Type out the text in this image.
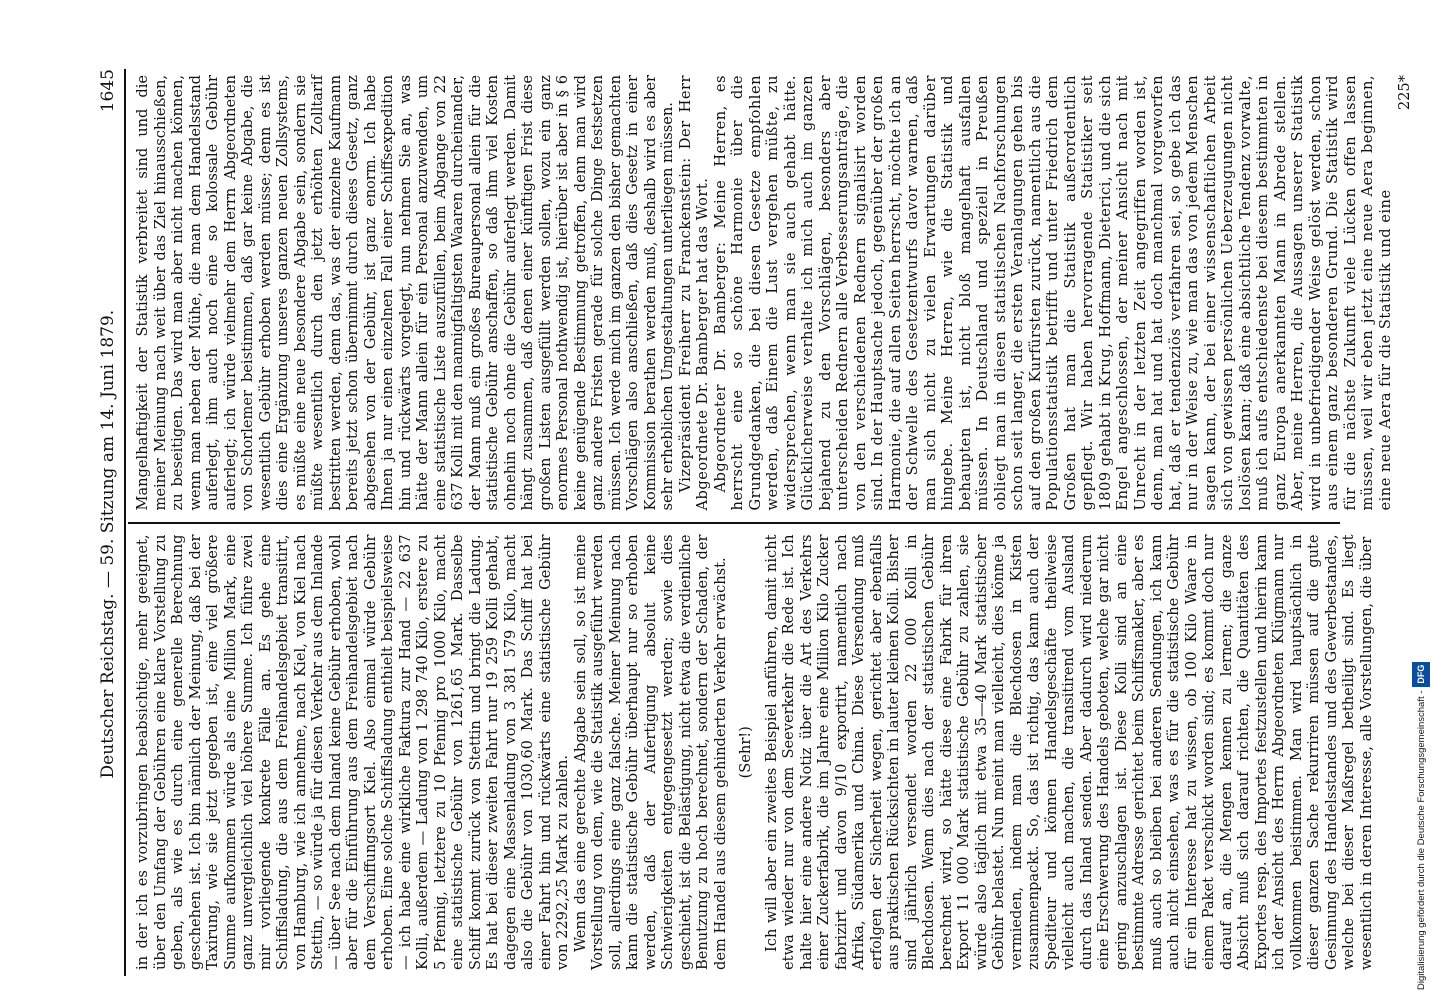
Deutscher Reichstag. — 59. Sitzung am 14. Juni 1879.
1645

in der ich es vorzubringen beabsichtige, mehr geeignet, über den Umfang der Gebühren eine klare Vorstellung zu geben, als wie es durch eine generelle Berechnung geschehen ist. Ich bin nämlich der Meinung, daß bei der Taxirung, wie sie jetzt gegeben ist, eine viel größere Summe aufkommen würde als eine Million Mark, eine ganz unvergleichlich viel höhere Summe. Ich führe zwei mir vorliegende konkrete Fälle an. Es gehe eine Schiffsladung, die aus dem Freihandelsgebiet transitirt, von Hamburg, wie ich annehme, nach Kiel, von Kiel nach Stettin, — so würde ja für diesen Verkehr aus dem Inlande — über See nach dem Inland keine Gebühr erhoben, wohl aber für die Einführung aus dem Freihandelsgebiet nach dem Verschiffungsort Kiel. Also einmal würde Gebühr erhoben. Eine solche Schiffsladung enthielt beispielsweise — ich habe eine wirkliche Faktura zur Hand — 22 637 Kolli, außerdem — Ladung von 1 298 740 Kilo, erstere zu 5 Pfennig, letztere zu 10 Pfennig pro 1000 Kilo, macht eine statistische Gebühr von 1261,65 Mark. Dasselbe Schiff kommt zurück von Stettin und bringt die Ladung. Es hat bei dieser zweiten Fahrt nur 19 259 Kolli gehabt, dagegen eine Massenladung von 3 381 579 Kilo, macht also die Gebühr von 1030,60 Mark. Das Schiff hat bei einer Fahrt hin und rückwärts eine statistische Gebühr von 2292,25 Mark zu zahlen. Wenn das eine gerechte Abgabe sein soll, so ist meine Vorstellung von dem, wie die Statistik ausgeführt werden soll, allerdings eine ganz falsche. Meiner Meinung nach kann die statistische Gebühr überhaupt nur so erhoben werden, daß der Aufertigung absolut keine Schwierigkeiten entgegengesetzt werden; sowie dies geschieht, ist die Belästigung, nicht etwa die verdienliche Benutzung zu hoch berechnet, sondern der Schaden, der dem Handel aus diesem gehinderten Verkehr erwächst. (Sehr!) Ich will aber ein zweites Beispiel anführen, damit nicht etwa wieder nur von dem Seeverkehr die Rede ist. Ich halte hier eine andere Notiz über die Art des Verkehrs einer Zuckerfabrik, die im Jahre eine Million Kilo Zucker fabrizirt und davon 9/10 exportirt, namentlich nach Afrika, Südamerika und China. Diese Versendung muß erfolgen der Sicherheit wegen, gerichtet aber ebenfalls aus praktischen Rücksichten in lauter kleinen Kolli. Bisher sind jährlich versendet worden 22 000 Kolli in Blechdosen. Wenn dies nach der statistischen Gebühr berechnet wird, so hätte diese eine Fabrik für ihren Export 11 000 Mark statistische Gebühr zu zahlen, sie würde also täglich mit etwa 35—40 Mark statistischer Gebühr belastet. Nun meint man vielleicht, dies könne ja vermieden, indem man die Blechdosen in Kisten zusammenpackt. So, das ist richtig, das kann auch der Spediteur und können Handelsgeschäfte theilweise vielleicht auch machen, die transitirend vom Ausland durch das Inland senden. Aber dadurch wird niederum eine Erschwerung des Handels geboten, welche gar nicht gering anzuschlagen ist. Diese Kolli sind an eine bestimmte Adresse gerichtet beim Schiffsmakler, aber es muß auch so bleiben bei anderen Sendungen, ich kann auch nicht einsehen, was es für die statistische Gebühr für ein Interesse hat zu wissen, ob 100 Kilo Waare in einem Paket verschickt worden sind; es kommt doch nur darauf an, die Mengen kennen zu lernen; die ganze Absicht muß sich darauf richten, die Quantitäten des Exportes resp. des Importes festzustellen und hierin kann ich der Ansicht des Herrn Abgeordneten Klügmann nur vollkommen beistimmen. Man wird hauptsächlich in dieser ganzen Sache rekurriren müssen auf die gute Gesinnung des Handelsstandes und des Gewerbestandes, welche bei dieser Maßregel betheiligt sind. Es liegt wesentlich in deren Interesse, alle Vorstellungen, die über

Mangelhaftigkeit der Statistik verbreitet sind und die meiner Meinung nach weit über das Ziel hinausschießen, zu beseitigen. Das wird man aber nicht machen können, wenn man neben der Mühe, die man dem Handelsstand auferlegt, ihm auch noch eine so kolossale Gebühr auferlegt; ich würde vielmehr dem Herrn Abgeordneten von Schorlemer beistimmen, daß gar keine Abgabe, die wesentlich Gebühr erhoben werden müsse; denn es ist dies eine Ergänzung unseres ganzen neuen Zollsystems, es müßte eine neue besondere Abgabe sein, sondern sie müßte wesentlich durch den jetzt erhöhten Zolltarif bestritten werden, denn das, was der einzelne Kaufmann bereits jetzt schon übernimmt durch dieses Gesetz, ganz abgesehen von der Gebühr, ist ganz enorm. Ich habe Ihnen ja nur einen einzelnen Fall einer Schiffsexpedition hin und rückwärts vorgelegt, nun nehmen Sie an, was hätte der Mann allein für ein Personal anzuwenden, um eine statistische Liste auszufüllen, beim Abgange von 22 637 Kolli mit den mannigfaltigsten Waaren durcheinander, der Mann muß ein großes Bureaupersonal allein für die statistische Gebühr anschaffen, so daß ihm viel Kosten ohnehin noch ohne die Gebühr auferlegt werden. Damit hängt zusammen, daß denen einer künftigen Frist diese großen Listen ausgefüllt werden sollen, wozu ein ganz enormes Personal nothwendig ist, hierüber ist aber in § 6 keine genügende Bestimmung getroffen, denn man wird ganz andere Fristen gerade für solche Dinge festsetzen müssen. Ich werde mich im ganzen den bisher gemachten Vorschlägen also anschließen, daß dies Gesetz in einer Kommission berathen werden muß, deshalb wird es aber sehr erheblichen Umgestaltungen unterliegen müssen. Vizepräsident Freiherr zu Franckenstein: Der Herr Abgeordnete Dr. Bamberger hat das Wort. Abgeordneter Dr. Bamberger: Meine Herren, es herrscht eine so schöne Harmonie über die Grundgedanken, die bei diesen Gesetze empfohlen werden, daß Einem die Lust vergehen müßte, zu widersprechen, wenn man sie auch gehabt hätte. Glücklicherweise verhalte ich mich auch im ganzen bejahend zu den Vorschlägen, besonders aber unterscheiden Rednern alle Verbesserungsanträge, die von den verschiedenen Rednern signalisirt worden sind. In der Hauptsache jedoch, gegenüber der großen Harmonie, die auf allen Seiten herrscht, möchte ich an der Schwelle des Gesetzentwurfs davor warnen, daß man sich nicht zu vielen Erwartungen darüber hingebe. Meine Herren, wie die Statistik und behaupten ist, nicht bloß mangelhaft ausfallen müssen. In Deutschland und speziell in Preußen obliegt man in diesen statistischen Nachforschungen schon seit langer, die ersten Veranlagungen gehen bis auf den großen Kurfürsten zurück, namentlich aus die Populationsstatistik betrifft und unter Friedrich dem Großen hat man die Statistik außerordentlich gepflegt. Wir haben hervorragende Statistiker seit 1809 gehabt in Krug, Hoffmann, Dieterici, und die sich Engel angeschlossen, der meiner Ansicht nach mit Unrecht in der letzten Zeit angegriffen worden ist, denn, man hat und hat doch manchmal vorgeworfen hat, daß er tendenziös verfahren sei, so gebe ich das nur in der Weise zu, wie man das von jedem Menschen sagen kann, der bei einer wissenschaftlichen Arbeit sich von gewissen persönlichen Ueberzeugungen nicht loslösen kann; daß eine absichtliche Tendenz vorwalte, muß ich aufs entschiedenste bei diesem bestimmten in ganz Europa anerkannten Mann in Abrede stellen. Aber, meine Herren, die Aussagen unserer Statistik wird in unbefriedigender Weise gelöst werden, schon aus einem ganz besonderen Grund. Die Statistik wird für die nächste Zukunft viele Lücken offen lassen müssen, weil wir eben jetzt eine neue Aera beginnen, eine neue Aera für die Statistik und eine

225*

Digitalisierung gefördert durch die Deutsche Forschungsgemeinschaft -DFG
